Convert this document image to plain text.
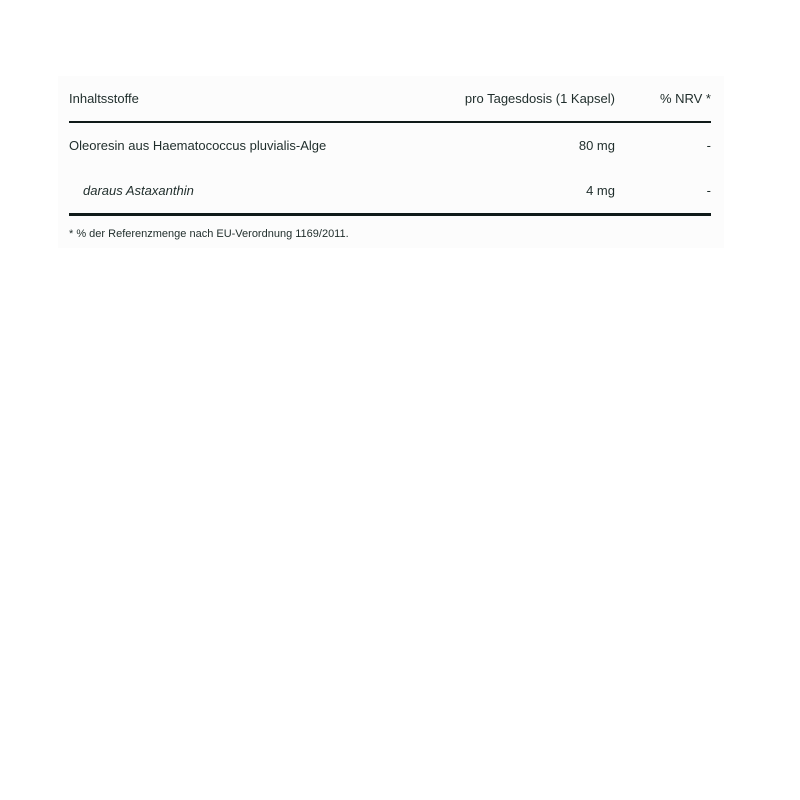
Inhaltsstoffe	pro Tagesdosis (1 Kapsel)	% NRV *
Oleoresin aus Haematococcus pluvialis-Alge	80 mg	-
daraus Astaxanthin	4 mg	-
* % der Referenzmenge nach EU-Verordnung 1169/2011.
